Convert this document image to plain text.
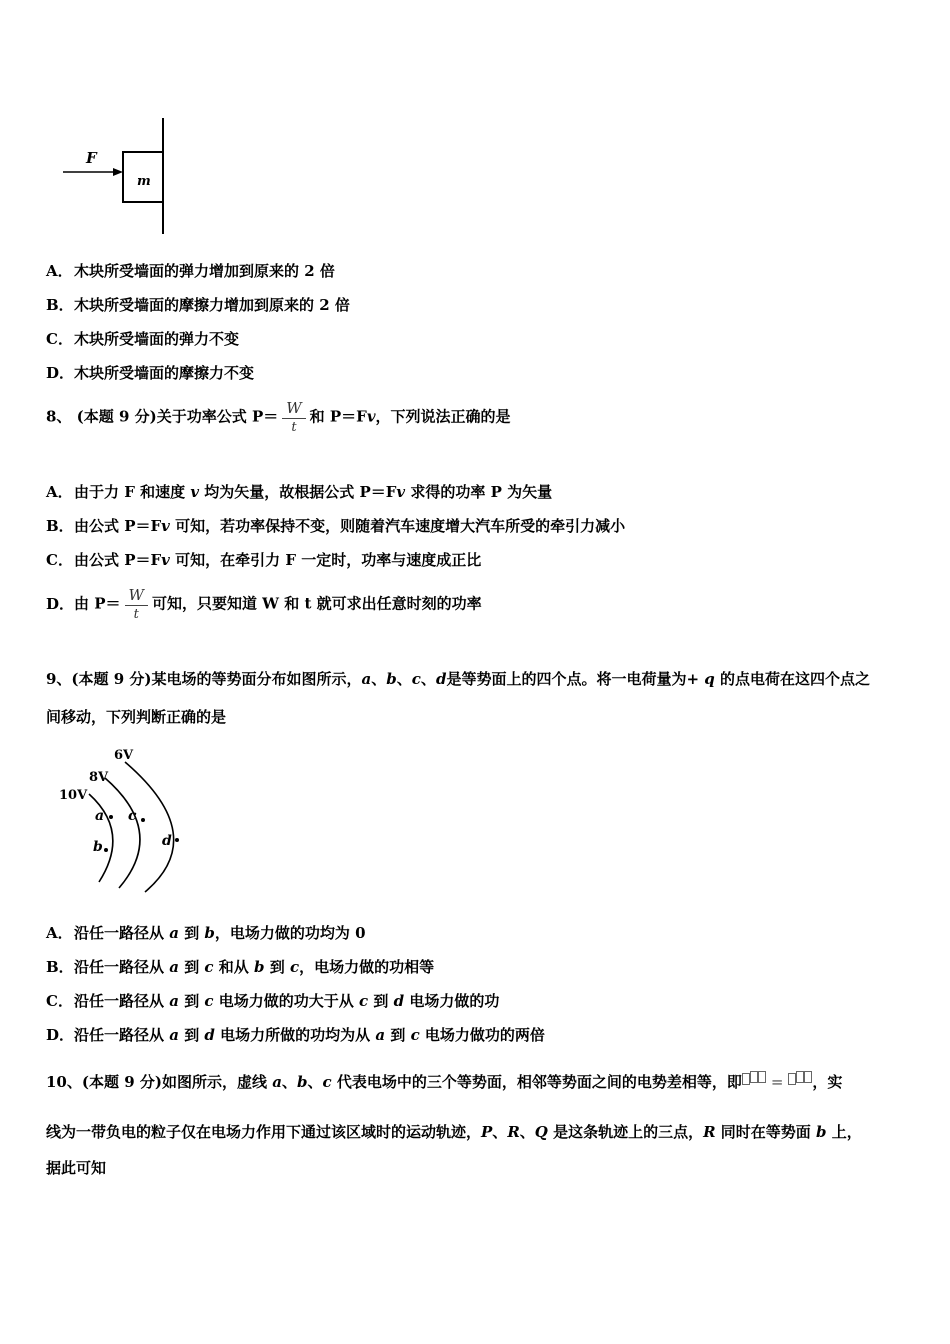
F
m
A．木块所受墙面的弹力增加到原来的 2 倍
B．木块所受墙面的摩擦力增加到原来的 2 倍
C．木块所受墙面的弹力不变
D．木块所受墙面的摩擦力不变
8、 (本题 9 分)关于功率公式 $P= \frac{W}{t}$ 和 P＝Fv，下列说法正确的是
A．由于力 F 和速度 v 均为矢量，故根据公式 P＝Fv 求得的功率 P 为矢量
B．由公式 P＝Fv 可知，若功率保持不变，则随着汽车速度增大汽车所受的牵引力减小
C．由公式 P＝Fv 可知，在牵引力 F 一定时，功率与速度成正比
D．由 $P= \frac{W}{t}$ 可知，只要知道 W 和 t 就可求出任意时刻的功率
9、(本题 9 分)某电场的等势面分布如图所示，a、b、c、d是等势面上的四个点。将一电荷量为+ q 的点电荷在这四个点之
间移动，下列判断正确的是
6V
8V
10V
a
b
c
d
A．沿任一路径从 a 到 b，电场力做的功均为 0
B．沿任一路径从 a 到 c 和从 b 到 c，电场力做的功相等
C．沿任一路径从 a 到 c 电场力做的功大于从 c 到 d 电场力做的功
D．沿任一路径从 a 到 d 电场力所做的功均为从 a 到 c 电场力做功的两倍
10、(本题 9 分)如图所示，虚线 a、b、c 代表电场中的三个等势面，相邻等势面之间的电势差相等，即 = ，实
线为一带负电的粒子仅在电场力作用下通过该区域时的运动轨迹，P、R、Q 是这条轨迹上的三点，R 同时在等势面 b 上，
据此可知
